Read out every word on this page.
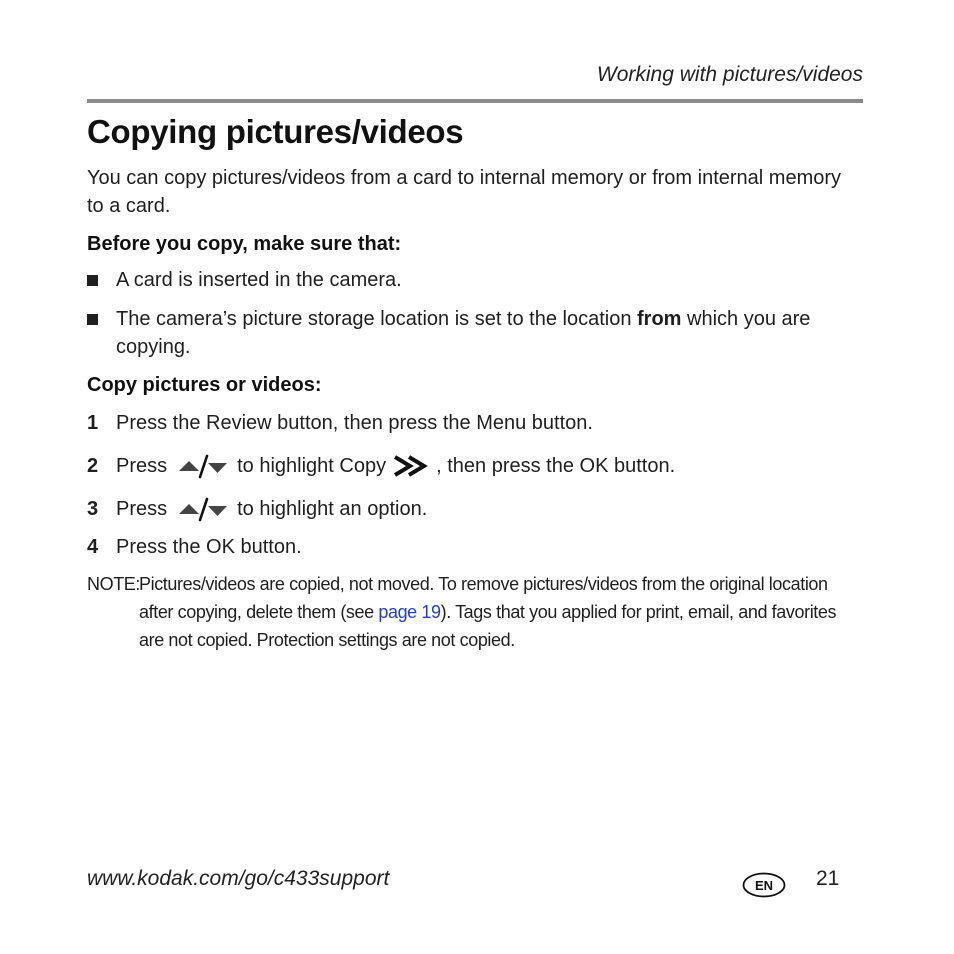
Working with pictures/videos
Copying pictures/videos
You can copy pictures/videos from a card to internal memory or from internal memory to a card.
Before you copy, make sure that:
A card is inserted in the camera.
The camera’s picture storage location is set to the location from which you are copying.
Copy pictures or videos:
1 Press the Review button, then press the Menu button.
2 Press	to highlight Copy	, then press the OK button.
3 Press	to highlight an option.
4 Press the OK button.
NOTE:
Pictures/videos are copied, not moved. To remove pictures/videos from the original location after copying, delete them (see page 19). Tags that you applied for print, email, and favorites are not copied. Protection settings are not copied.
www.kodak.com/go/c433support	EN 21
